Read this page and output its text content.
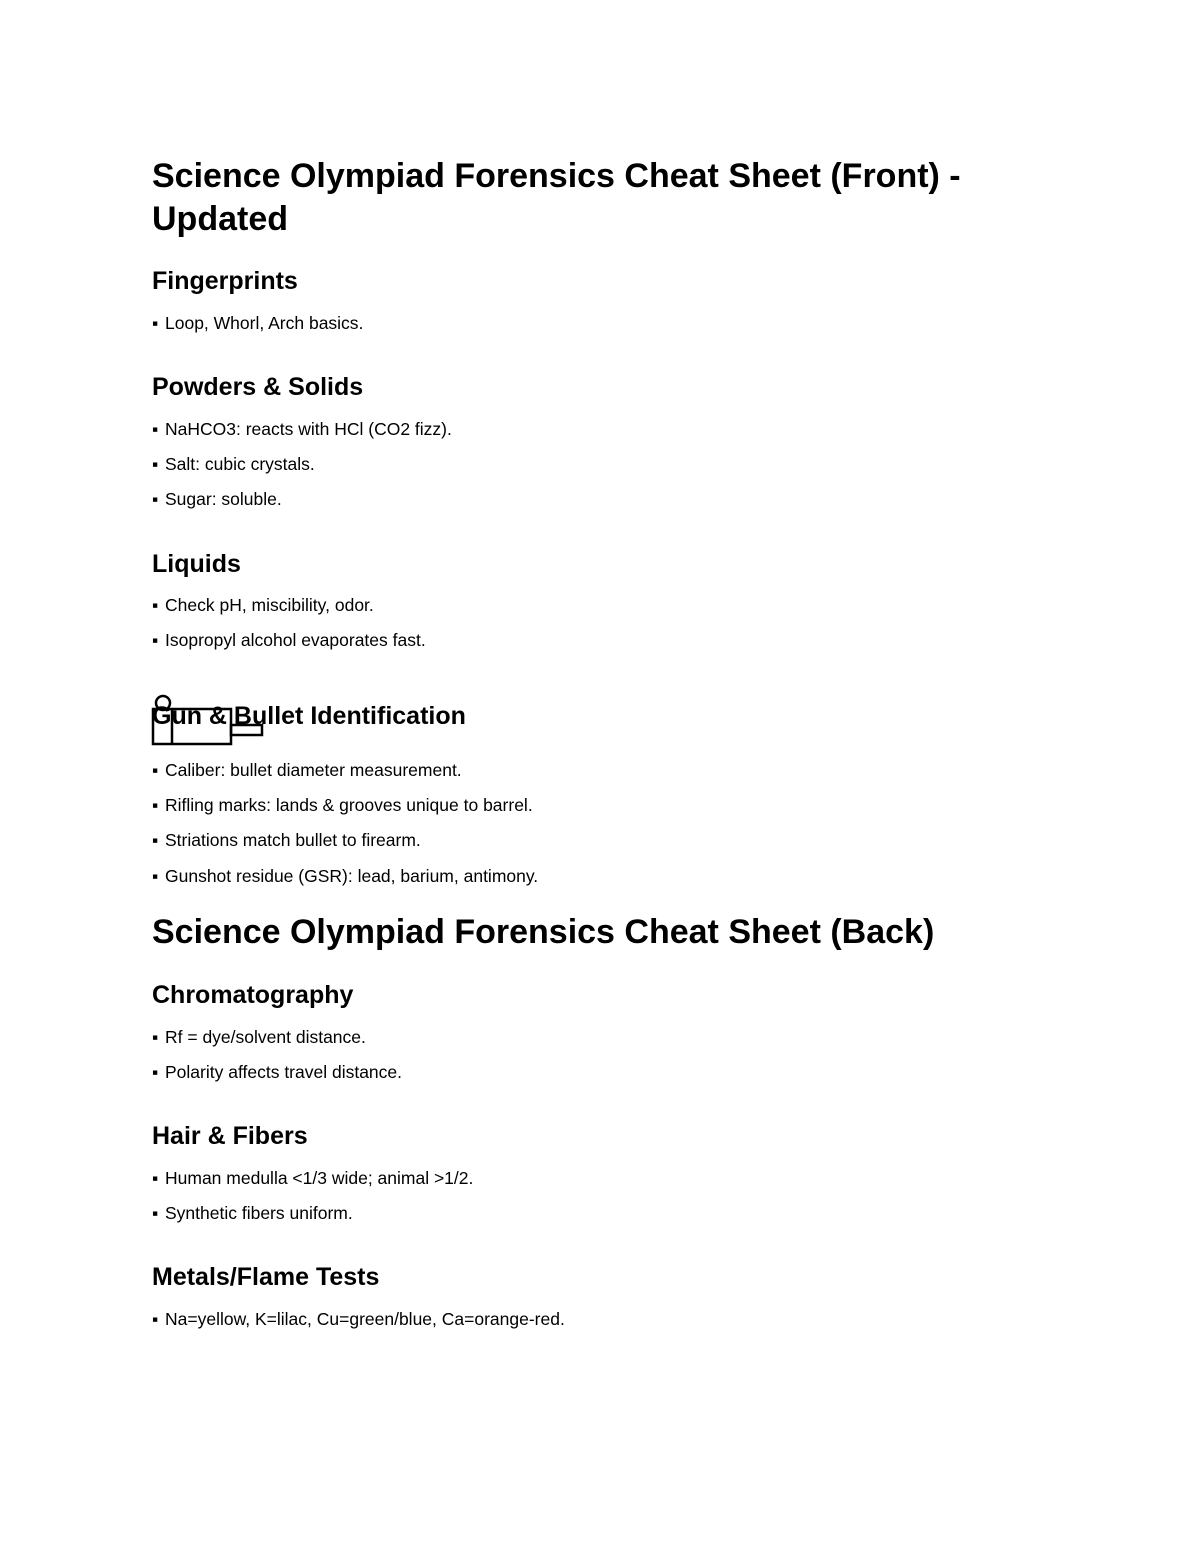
Science Olympiad Forensics Cheat Sheet (Front) -
Updated
Fingerprints

▪ Loop, Whorl, Arch basics.

Powders & Solids

▪ NaHCO3: reacts with HCl (CO2 fizz).

▪ Salt: cubic crystals.

▪ Sugar: soluble.

Liquids

▪ Check pH, miscibility, odor.

▪ Isopropyl alcohol evaporates fast.

Gun & Bullet Identification

▪ Caliber: bullet diameter measurement.

▪ Rifling marks: lands & grooves unique to barrel.

▪ Striations match bullet to firearm.

▪ Gunshot residue (GSR): lead, barium, antimony.

Science Olympiad Forensics Cheat Sheet (Back)
Chromatography

▪ Rf = dye/solvent distance.

▪ Polarity affects travel distance.

Hair & Fibers

▪ Human medulla <1/3 wide; animal >1/2.

▪ Synthetic fibers uniform.

Metals/Flame Tests

▪ Na=yellow, K=lilac, Cu=green/blue, Ca=orange-red.
